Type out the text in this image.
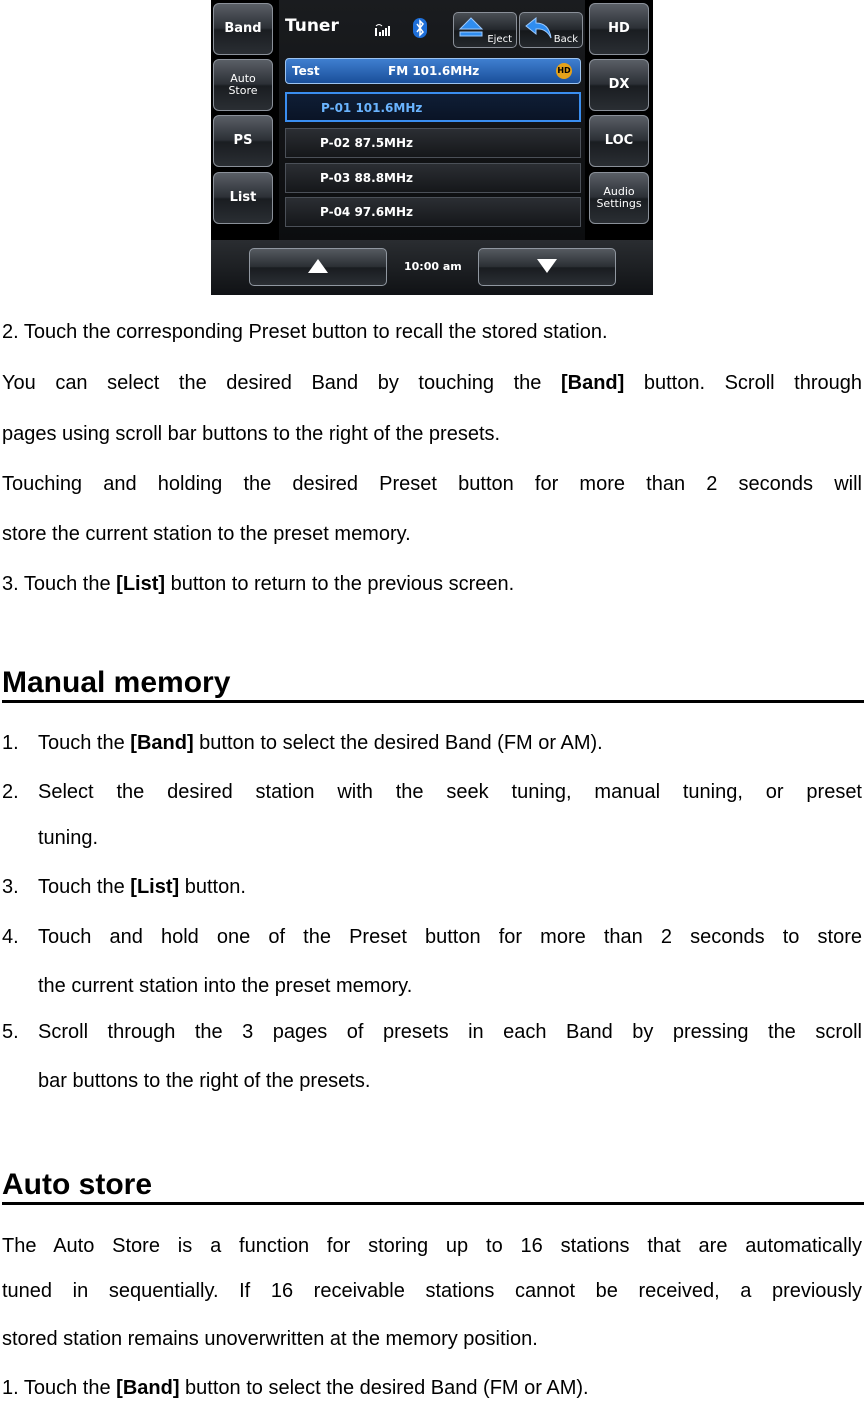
Band
Auto
Store
PS
List
HD
DX
LOC
Audio
Settings
Tuner
Eject	Back
Test	FM 101.6MHz	HD
P-01 101.6MHz
P-02 87.5MHz
P-03 88.8MHz
P-04 97.6MHz
10:00 am
2. Touch the corresponding Preset button to recall the stored station.
You can select the desired Band by touching the [Band] button. Scroll through
pages using scroll bar buttons to the right of the presets.
Touching and holding the desired Preset button for more than 2 seconds will
store the current station to the preset memory.
3. Touch the [List] button to return to the previous screen.
Manual memory
1. Touch the [Band] button to select the desired Band (FM or AM).
2. Select the desired station with the seek tuning, manual tuning, or preset
tuning.
3. Touch the [List] button.
4. Touch and hold one of the Preset button for more than 2 seconds to store
the current station into the preset memory.
5. Scroll through the 3 pages of presets in each Band by pressing the scroll
bar buttons to the right of the presets.
Auto store
The Auto Store is a function for storing up to 16 stations that are automatically
tuned in sequentially. If 16 receivable stations cannot be received, a previously
stored station remains unoverwritten at the memory position.
1. Touch the [Band] button to select the desired Band (FM or AM).
